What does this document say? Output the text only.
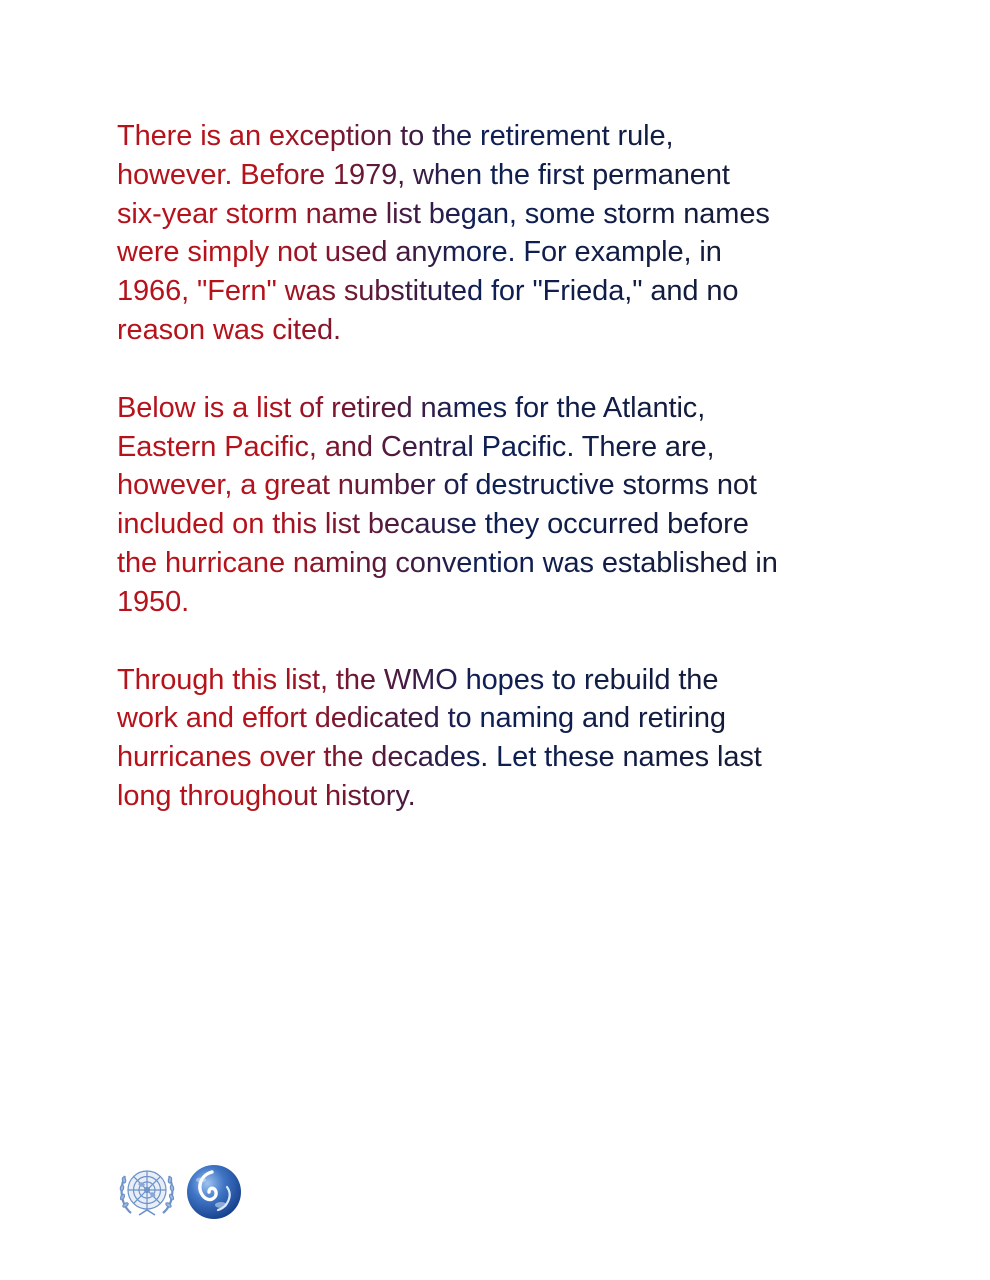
There is an exception to the retirement rule,
however. Before 1979, when the first permanent
six-year storm name list began, some storm names
were simply not used anymore. For example, in
1966, "Fern" was substituted for "Frieda," and no
reason was cited.

Below is a list of retired names for the Atlantic,
Eastern Pacific, and Central Pacific. There are,
however, a great number of destructive storms not
included on this list because they occurred before
the hurricane naming convention was established in
1950.

Through this list, the WMO hopes to rebuild the
work and effort dedicated to naming and retiring
hurricanes over the decades. Let these names last
long throughout history.
